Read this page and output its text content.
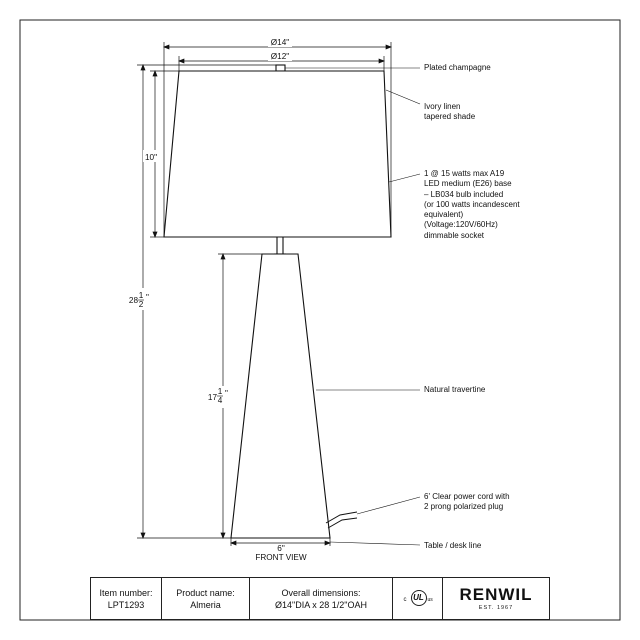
Ø14"
Ø12"
10"
28
1
2
"
17
1
4
"
6"
FRONT VIEW
Plated champagne
Ivory linen
tapered shade
1 @ 15 watts max A19
LED medium (E26) base
– LB034 bulb included
(or 100 watts incandescent
equivalent)
(Voltage:120V/60Hz)
dimmable socket
Natural travertine
6' Clear power cord with
2 prong polarized plug
Table / desk line
Item number:
LPT1293
Product name:
Almeria
Overall dimensions:
Ø14"DIA x 28 1/2"OAH	c UL us RENWIL
EST. 1967
